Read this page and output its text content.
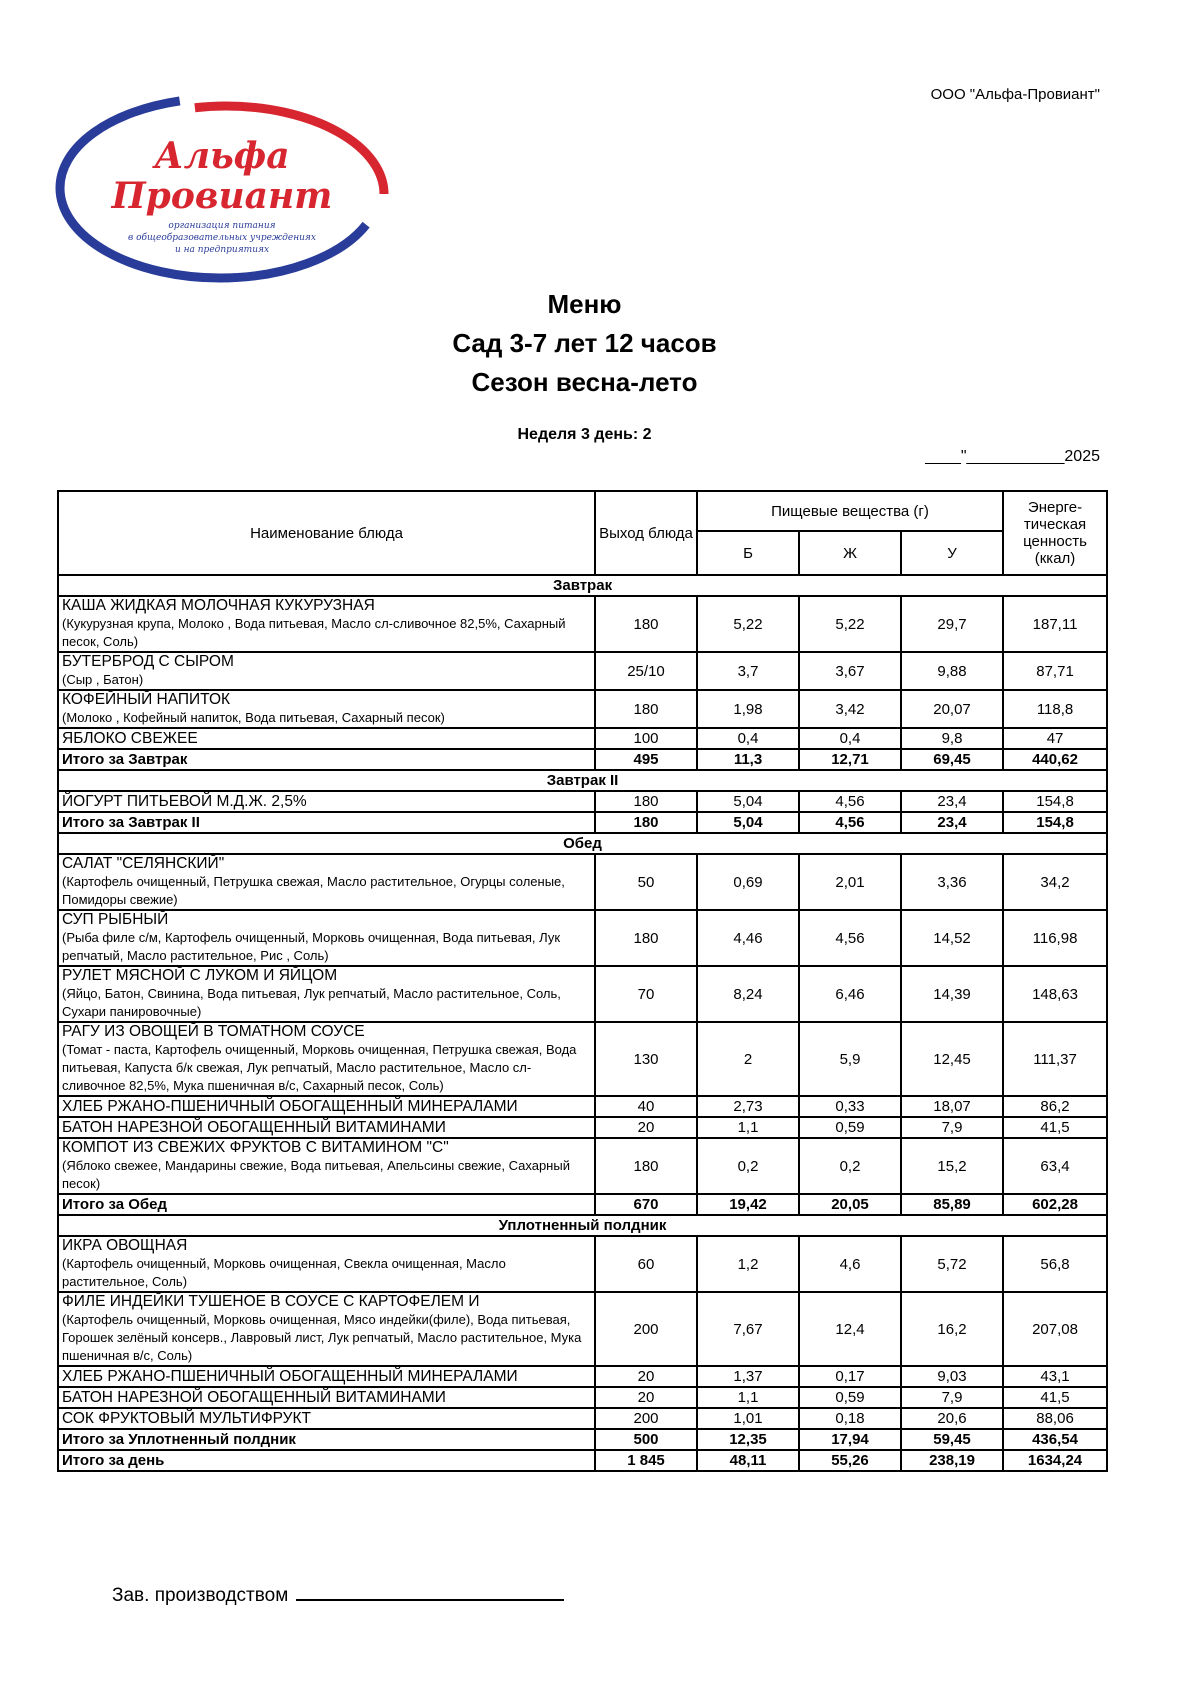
ООО "Альфа-Провиант"
Альфа
Провиант
организация питания
в общеобразовательных учреждениях
и на предприятиях
Меню
Сад 3-7 лет 12 часов
Сезон весна-лето
Неделя 3 день: 2
____"___________2025
Наименование блюда	Выход блюда	Пищевые вещества (г)			Энерге-тическая ценность (ккал)
		Б	Ж	У	
Завтрак					

КАША ЖИДКАЯ МОЛОЧНАЯ КУКУРУЗНАЯ
(Кукурузная крупа, Молоко , Вода питьевая, Масло сл-сливочное 82,5%, Сахарный песок, Соль)	180	5,22	5,22	29,7	187,11

БУТЕРБРОД С СЫРОМ
(Сыр , Батон)	25/10	3,7	3,67	9,88	87,71

КОФЕЙНЫЙ НАПИТОК
(Молоко , Кофейный напиток, Вода питьевая, Сахарный песок)	180	1,98	3,42	20,07	118,8

ЯБЛОКО СВЕЖЕЕ	100	0,4	0,4	9,8	47
Итого за Завтрак	495	11,3	12,71	69,45	440,62
Завтрак II					

ЙОГУРТ ПИТЬЕВОЙ М.Д.Ж. 2,5%	180	5,04	4,56	23,4	154,8
Итого за Завтрак II	180	5,04	4,56	23,4	154,8
Обед					

САЛАТ "СЕЛЯНСКИЙ"
(Картофель очищенный, Петрушка свежая, Масло растительное, Огурцы соленые, Помидоры свежие)	50	0,69	2,01	3,36	34,2

СУП РЫБНЫЙ
(Рыба филе с/м, Картофель очищенный, Морковь очищенная, Вода питьевая, Лук репчатый, Масло растительное, Рис , Соль)	180	4,46	4,56	14,52	116,98

РУЛЕТ МЯСНОЙ С ЛУКОМ И ЯЙЦОМ
(Яйцо, Батон, Свинина, Вода питьевая, Лук репчатый, Масло растительное, Соль, Сухари панировочные)	70	8,24	6,46	14,39	148,63

РАГУ ИЗ ОВОЩЕЙ В ТОМАТНОМ СОУСЕ
(Томат - паста, Картофель очищенный, Морковь очищенная, Петрушка свежая, Вода питьевая, Капуста б/к свежая, Лук репчатый, Масло растительное, Масло сл-сливочное 82,5%, Мука пшеничная в/с, Сахарный песок, Соль)	130	2	5,9	12,45	111,37

ХЛЕБ РЖАНО-ПШЕНИЧНЫЙ ОБОГАЩЕННЫЙ МИНЕРАЛАМИ	40	2,73	0,33	18,07	86,2

БАТОН НАРЕЗНОЙ ОБОГАЩЕННЫЙ ВИТАМИНАМИ	20	1,1	0,59	7,9	41,5

КОМПОТ ИЗ СВЕЖИХ ФРУКТОВ С ВИТАМИНОМ "С"
(Яблоко свежее, Мандарины свежие, Вода питьевая, Апельсины свежие, Сахарный песок)	180	0,2	0,2	15,2	63,4
Итого за Обед	670	19,42	20,05	85,89	602,28
Уплотненный полдник					

ИКРА ОВОЩНАЯ
(Картофель очищенный, Морковь очищенная, Свекла очищенная, Масло растительное, Соль)	60	1,2	4,6	5,72	56,8

ФИЛЕ ИНДЕЙКИ ТУШЕНОЕ В СОУСЕ С КАРТОФЕЛЕМ И
(Картофель очищенный, Морковь очищенная, Мясо индейки(филе), Вода питьевая, Горошек зелёный консерв., Лавровый лист, Лук репчатый, Масло растительное, Мука пшеничная в/с, Соль)	200	7,67	12,4	16,2	207,08

ХЛЕБ РЖАНО-ПШЕНИЧНЫЙ ОБОГАЩЕННЫЙ МИНЕРАЛАМИ	20	1,37	0,17	9,03	43,1

БАТОН НАРЕЗНОЙ ОБОГАЩЕННЫЙ ВИТАМИНАМИ	20	1,1	0,59	7,9	41,5

СОК ФРУКТОВЫЙ МУЛЬТИФРУКТ	200	1,01	0,18	20,6	88,06
Итого за Уплотненный полдник	500	12,35	17,94	59,45	436,54
Итого за день	1 845	48,11	55,26	238,19	1634,24
Зав. производством
